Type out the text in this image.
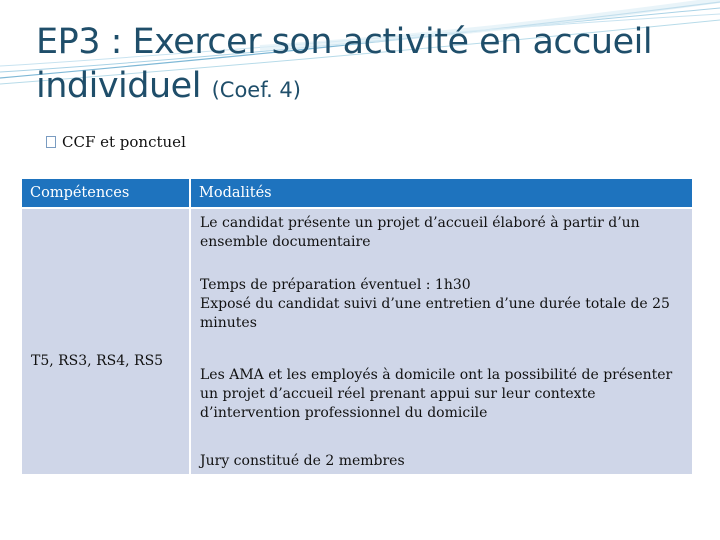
EP3 : Exercer son activité en accueil individuel (Coef. 4)
CCF et ponctuel
Compétences	Modalités
T5, RS3, RS4, RS5
Le candidat présente un projet d’accueil élaboré à partir d’un ensemble documentaire
Temps de préparation éventuel : 1h30
Exposé du candidat suivi d’une entretien d’une durée totale de 25 minutes
Les AMA et les employés à domicile ont la possibilité de présenter un projet d’accueil réel prenant appui sur leur contexte d’intervention professionnel du domicile
Jury constitué de 2 membres
